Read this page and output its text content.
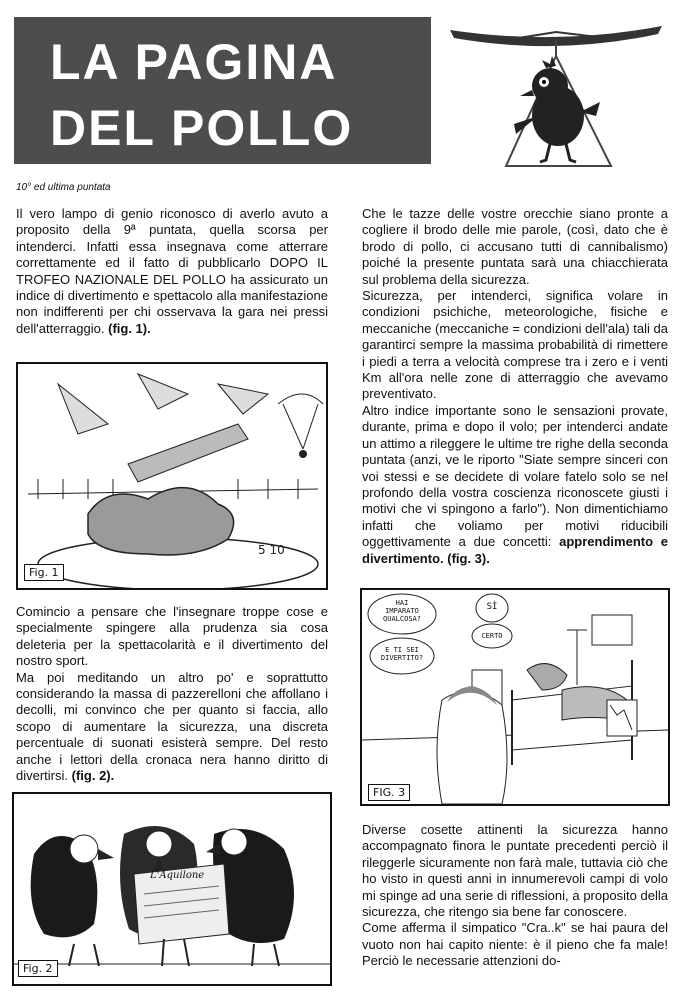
LA PAGINA
DEL POLLO
10° ed ultima puntata

Il vero lampo di genio riconosco di averlo avuto a proposito della 9ª puntata, quella scorsa per intenderci. Infatti essa insegnava come atterrare correttamente ed il fatto di pubblicarlo DOPO IL TROFEO NAZIONALE DEL POLLO ha assicurato un indice di divertimento e spettacolo alla manifestazione non indifferenti per chi osservava la gara nei pressi dell'atterraggio. (fig. 1).

5 10
Fig. 1

Comincio a pensare che l'insegnare troppe cose e specialmente spingere alla prudenza sia cosa deleteria per la spettacolarità e il divertimento del nostro sport.

Ma poi meditando un altro po' e soprattutto considerando la massa di pazzerelloni che affollano i decolli, mi convinco che per quanto si faccia, allo scopo di aumentare la sicurezza, una discreta percentuale di suonati esisterà sempre. Del resto anche i lettori della cronaca nera hanno diritto di divertirsi. (fig. 2).

L'Aquilone
Fig. 2

Che le tazze delle vostre orecchie siano pronte a cogliere il brodo delle mie parole, (così, dato che è brodo di pollo, ci accusano tutti di cannibalismo) poiché la presente puntata sarà una chiacchierata sul problema della sicurezza.

Sicurezza, per intenderci, significa volare in condizioni psichiche, meteorologiche, fisiche e meccaniche (meccaniche = condizioni dell'ala) tali da garantirci sempre la massima probabilità di rimettere i piedi a terra a velocità comprese tra i zero e i venti Km all'ora nelle zone di atterraggio che avevamo preventivato.

Altro indice importante sono le sensazioni provate, durante, prima e dopo il volo; per intenderci andate un attimo a rileggere le ultime tre righe della seconda puntata (anzi, ve le riporto "Siate sempre sinceri con voi stessi e se decidete di volare fatelo solo se nel profondo della vostra coscienza riconoscete giusti i motivi che vi spingono a farlo"). Non dimentichiamo infatti che voliamo per motivi riducibili oggettivamente a due concetti: apprendimento e divertimento. (fig. 3).

HAI
IMPARATO
QUALCOSA?
E TI SEI
DIVERTITO?
SÌ
CERTO
FIG. 3

Diverse cosette attinenti la sicurezza hanno accompagnato finora le puntate precedenti perciò il rileggerle sicuramente non farà male, tuttavia ciò che ho visto in questi anni in innumerevoli campi di volo mi spinge ad una serie di riflessioni, a proposito della sicurezza, che ritengo sia bene far conoscere.

Come afferma il simpatico "Cra..k" se hai paura del vuoto non hai capito niente: è il pieno che fa male! Perciò le necessarie attenzioni do-
